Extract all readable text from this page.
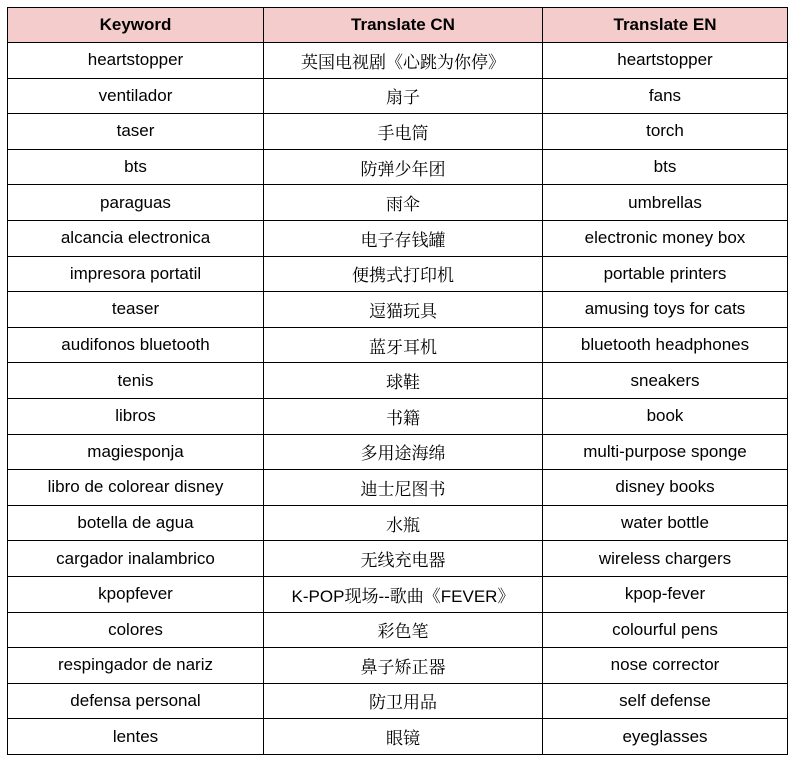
Keyword	Translate CN	Translate EN
heartstopper	英国电视剧《心跳为你停》	heartstopper
ventilador	扇子	fans
taser	手电筒	torch
bts	防弹少年团	bts
paraguas	雨伞	umbrellas
alcancia electronica	电子存钱罐	electronic money box
impresora portatil	便携式打印机	portable printers
teaser	逗猫玩具	amusing toys for cats
audifonos bluetooth	蓝牙耳机	bluetooth headphones
tenis	球鞋	sneakers
libros	书籍	book
magiesponja	多用途海绵	multi-purpose sponge
libro de colorear disney	迪士尼图书	disney books
botella de agua	水瓶	water bottle
cargador inalambrico	无线充电器	wireless chargers
kpopfever	K-POP现场--歌曲《FEVER》	kpop-fever
colores	彩色笔	colourful pens
respingador de nariz	鼻子矫正器	nose corrector
defensa personal	防卫用品	self defense
lentes	眼镜	eyeglasses
